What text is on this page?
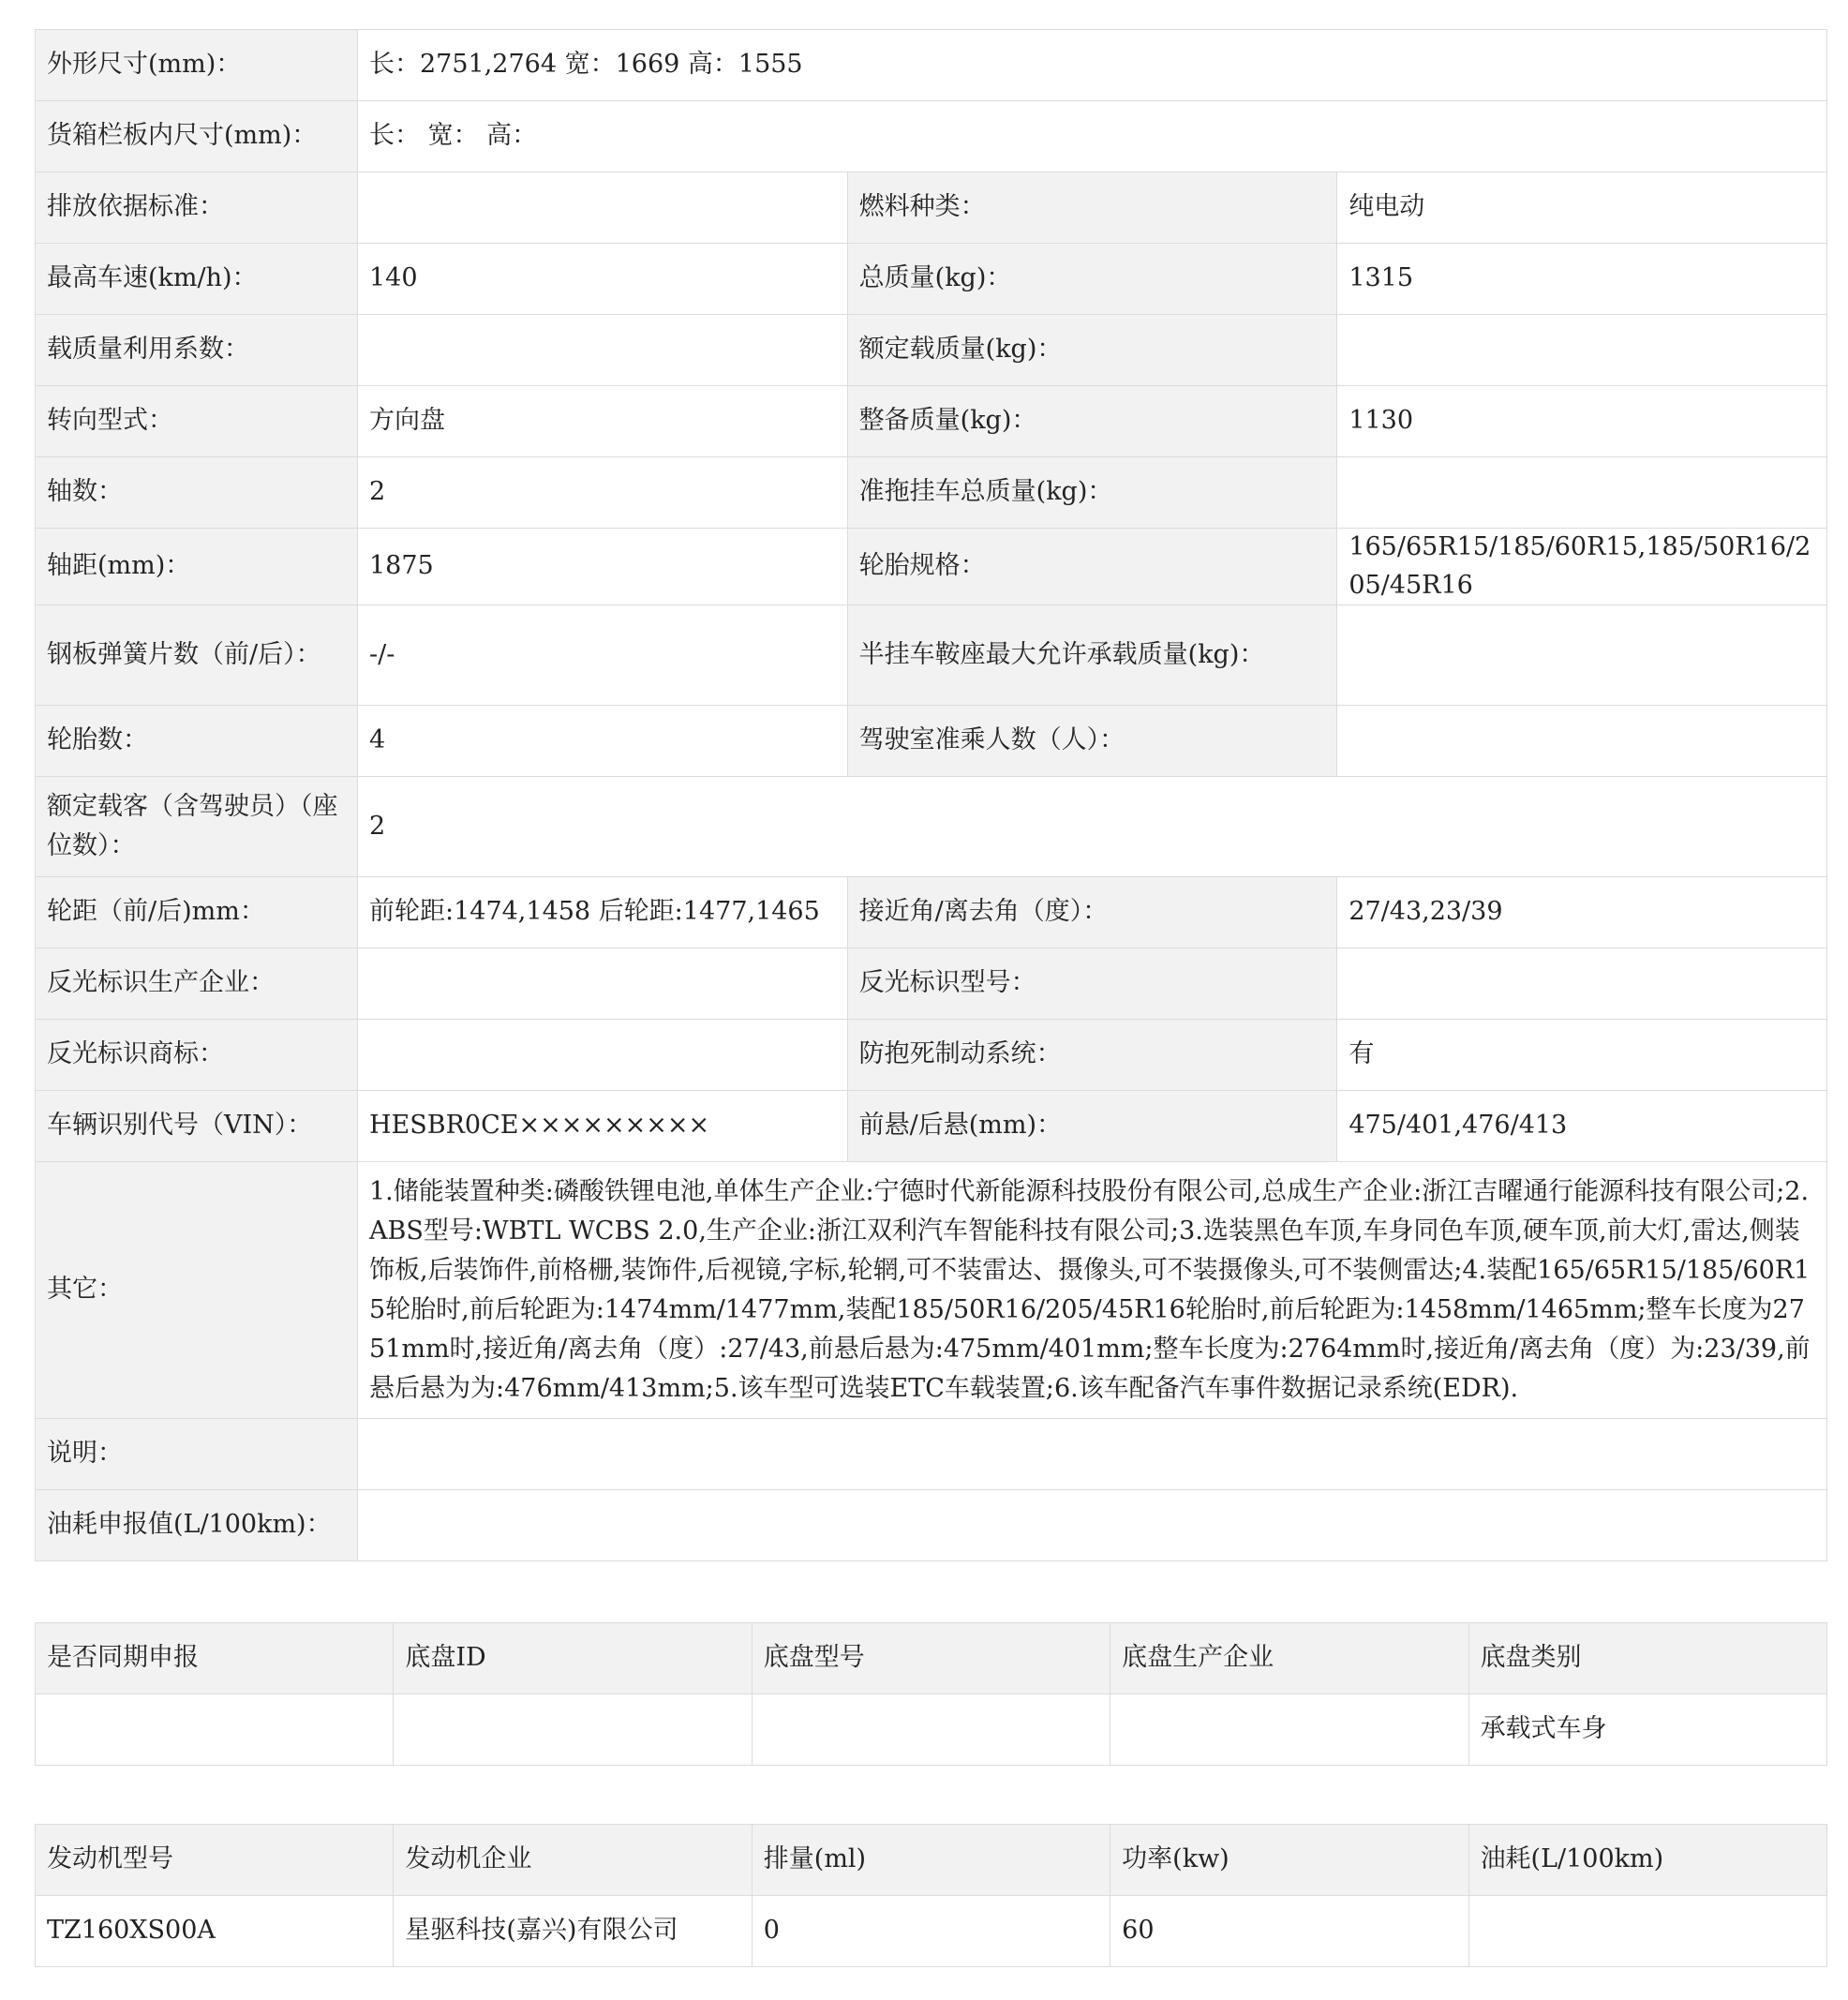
外形尺寸(mm)：	长：2751,2764 宽：1669 高：1555		
货箱栏板内尺寸(mm)：	长： 宽： 高：		
排放依据标准：		燃料种类：	纯电动
最高车速(km/h)：	140	总质量(kg)：	1315
载质量利用系数：		额定载质量(kg)：	
转向型式：	方向盘	整备质量(kg)：	1130
轴数：	2	准拖挂车总质量(kg)：	
轴距(mm)：	1875	轮胎规格：	165/65R15/185/60R15,185/50R16/205/45R16
钢板弹簧片数（前/后）：	-/-	半挂车鞍座最大允许承载质量(kg)：	
轮胎数：	4	驾驶室准乘人数（人）：	
额定载客（含驾驶员）（座位数）：	2		
轮距（前/后)mm：	前轮距:1474,1458 后轮距:1477,1465	接近角/离去角（度）：	27/43,23/39
反光标识生产企业：		反光标识型号：	
反光标识商标：		防抱死制动系统：	有
车辆识别代号（VIN）：	HESBR0CE×××××××××	前悬/后悬(mm)：	475/401,476/413
其它：	1.储能装置种类:磷酸铁锂电池,单体生产企业:宁德时代新能源科技股份有限公司,总成生产企业:浙江吉曜通行能源科技有限公司;2.ABS型号:WBTL WCBS 2.0,生产企业:浙江双利汽车智能科技有限公司;3.选装黑色车顶,车身同色车顶,硬车顶,前大灯,雷达,侧装饰板,后装饰件,前格栅,装饰件,后视镜,字标,轮辋,可不装雷达、摄像头,可不装摄像头,可不装侧雷达;4.装配165/65R15/185/60R15轮胎时,前后轮距为:1474mm/1477mm,装配185/50R16/205/45R16轮胎时,前后轮距为:1458mm/1465mm;整车长度为2751mm时,接近角/离去角（度）:27/43,前悬后悬为:475mm/401mm;整车长度为:2764mm时,接近角/离去角（度）为:23/39,前悬后悬为为:476mm/413mm;5.该车型可选装ETC车载装置;6.该车配备汽车事件数据记录系统(EDR).		
说明：			
油耗申报值(L/100km)：			
是否同期申报	底盘ID	底盘型号	底盘生产企业	底盘类别
				承载式车身
发动机型号	发动机企业	排量(ml)	功率(kw)	油耗(L/100km)
TZ160XS00A	星驱科技(嘉兴)有限公司	0	60	
